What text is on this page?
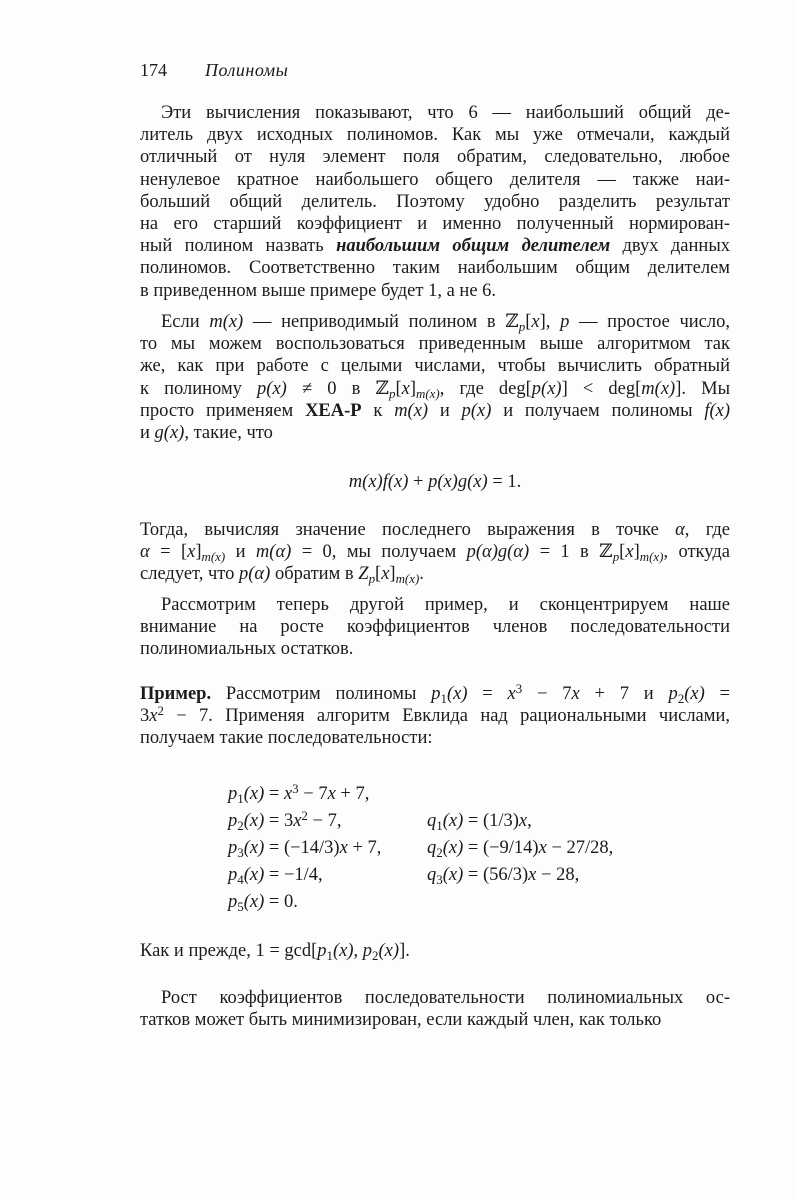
174 Полиномы
Эти вычисления показывают, что 6 — наибольший общий де-
литель двух исходных полиномов. Как мы уже отмечали, каждый
отличный от нуля элемент поля обратим, следовательно, любое
ненулевое кратное наибольшего общего делителя — также наи-
больший общий делитель. Поэтому удобно разделить результат
на его старший коэффициент и именно полученный нормирован-
ный полином назвать наибольшим общим делителем двух данных
полиномов. Соответственно таким наибольшим общим делителем
в приведенном выше примере будет 1, а не 6.
Если m(x) — неприводимый полином в ℤ$_p$[x], p — простое число,
то мы можем воспользоваться приведенным выше алгоритмом так
же, как при работе с целыми числами, чтобы вычислить обратный
к полиному p(x) ≠ 0 в $ℤ_p[x]_{m(x)}$, где deg[p(x)] < deg[m(x)]. Мы
просто применяем XEA-P к m(x) и p(x) и получаем полиномы f(x)
и g(x), такие, что
m(x)f(x) + p(x)g(x) = 1.
Тогда, вычисляя значение последнего выражения в точке α, где
$\alpha = [x]_{m(x)}$ и m(α) = 0, мы получаем p(α)g(α) = 1 в $ℤ_p[x]_{m(x)}$, откуда
следует, что p(α) обратим в $Z_p[x]_{m(x)}$.
Рассмотрим теперь другой пример, и сконцентрируем наше
внимание на росте коэффициентов членов последовательности
полиномиальных остатков.
Пример. Рассмотрим полиномы $p_1(x) = x^3 - 7x + 7$ и $p_2(x)$ =
$3x^2 - 7$. Применяя алгоритм Евклида над рациональными числами,
получаем такие последовательности:
$p_1(x) = x^3 - 7x + 7$,
$p_2(x) = 3x^2 - 7$,	$q_1(x) = (1/3)x$,
$p_3(x) = (-14/3)x + 7$, $q_2(x) = (-9/14)x - 27/28$,
$p_4(x) = -1/4$,	$q_3(x) = (56/3)x - 28$,
$p_5(x) = 0$.
Как и прежде, $1 = \gcd[p_1(x)$, $p_2(x)$].
Рост коэффициентов последовательности полиномиальных ос-
татков может быть минимизирован, если каждый член, как только
